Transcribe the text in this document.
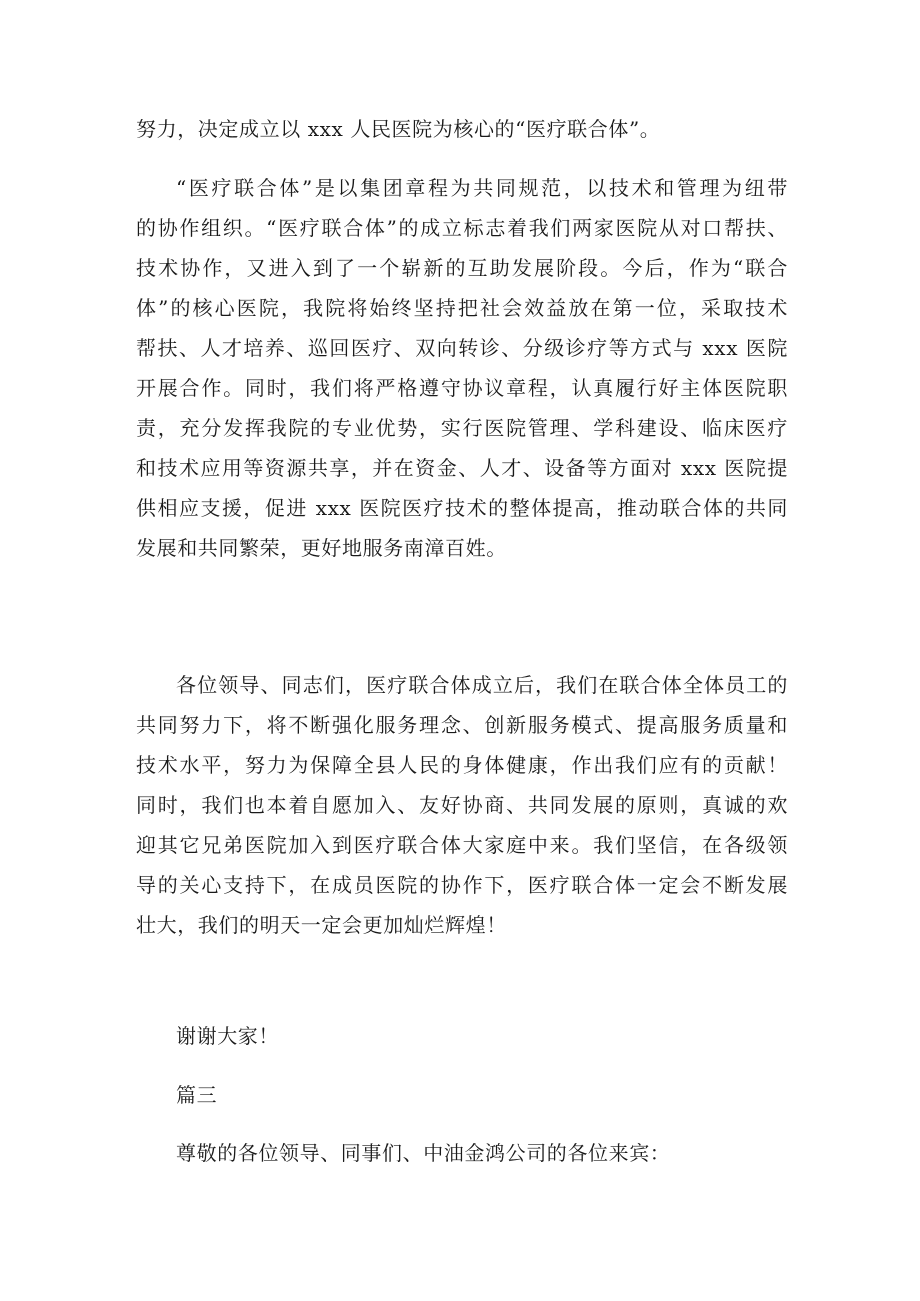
努力，决定成立以 xxx 人民医院为核心的“医疗联合体”。
“医疗联合体”是以集团章程为共同规范，以技术和管理为纽带
的协作组织。“医疗联合体”的成立标志着我们两家医院从对口帮扶、
技术协作，又进入到了一个崭新的互助发展阶段。今后，作为“联合
体”的核心医院，我院将始终坚持把社会效益放在第一位，采取技术
帮扶、人才培养、巡回医疗、双向转诊、分级诊疗等方式与 xxx 医院
开展合作。同时，我们将严格遵守协议章程，认真履行好主体医院职
责，充分发挥我院的专业优势，实行医院管理、学科建设、临床医疗
和技术应用等资源共享，并在资金、人才、设备等方面对 xxx 医院提
供相应支援，促进 xxx 医院医疗技术的整体提高，推动联合体的共同
发展和共同繁荣，更好地服务南漳百姓。
各位领导、同志们，医疗联合体成立后，我们在联合体全体员工的
共同努力下，将不断强化服务理念、创新服务模式、提高服务质量和
技术水平，努力为保障全县人民的身体健康，作出我们应有的贡献！
同时，我们也本着自愿加入、友好协商、共同发展的原则，真诚的欢
迎其它兄弟医院加入到医疗联合体大家庭中来。我们坚信，在各级领
导的关心支持下，在成员医院的协作下，医疗联合体一定会不断发展
壮大，我们的明天一定会更加灿烂辉煌！
谢谢大家！
篇三
尊敬的各位领导、同事们、中油金鸿公司的各位来宾：
